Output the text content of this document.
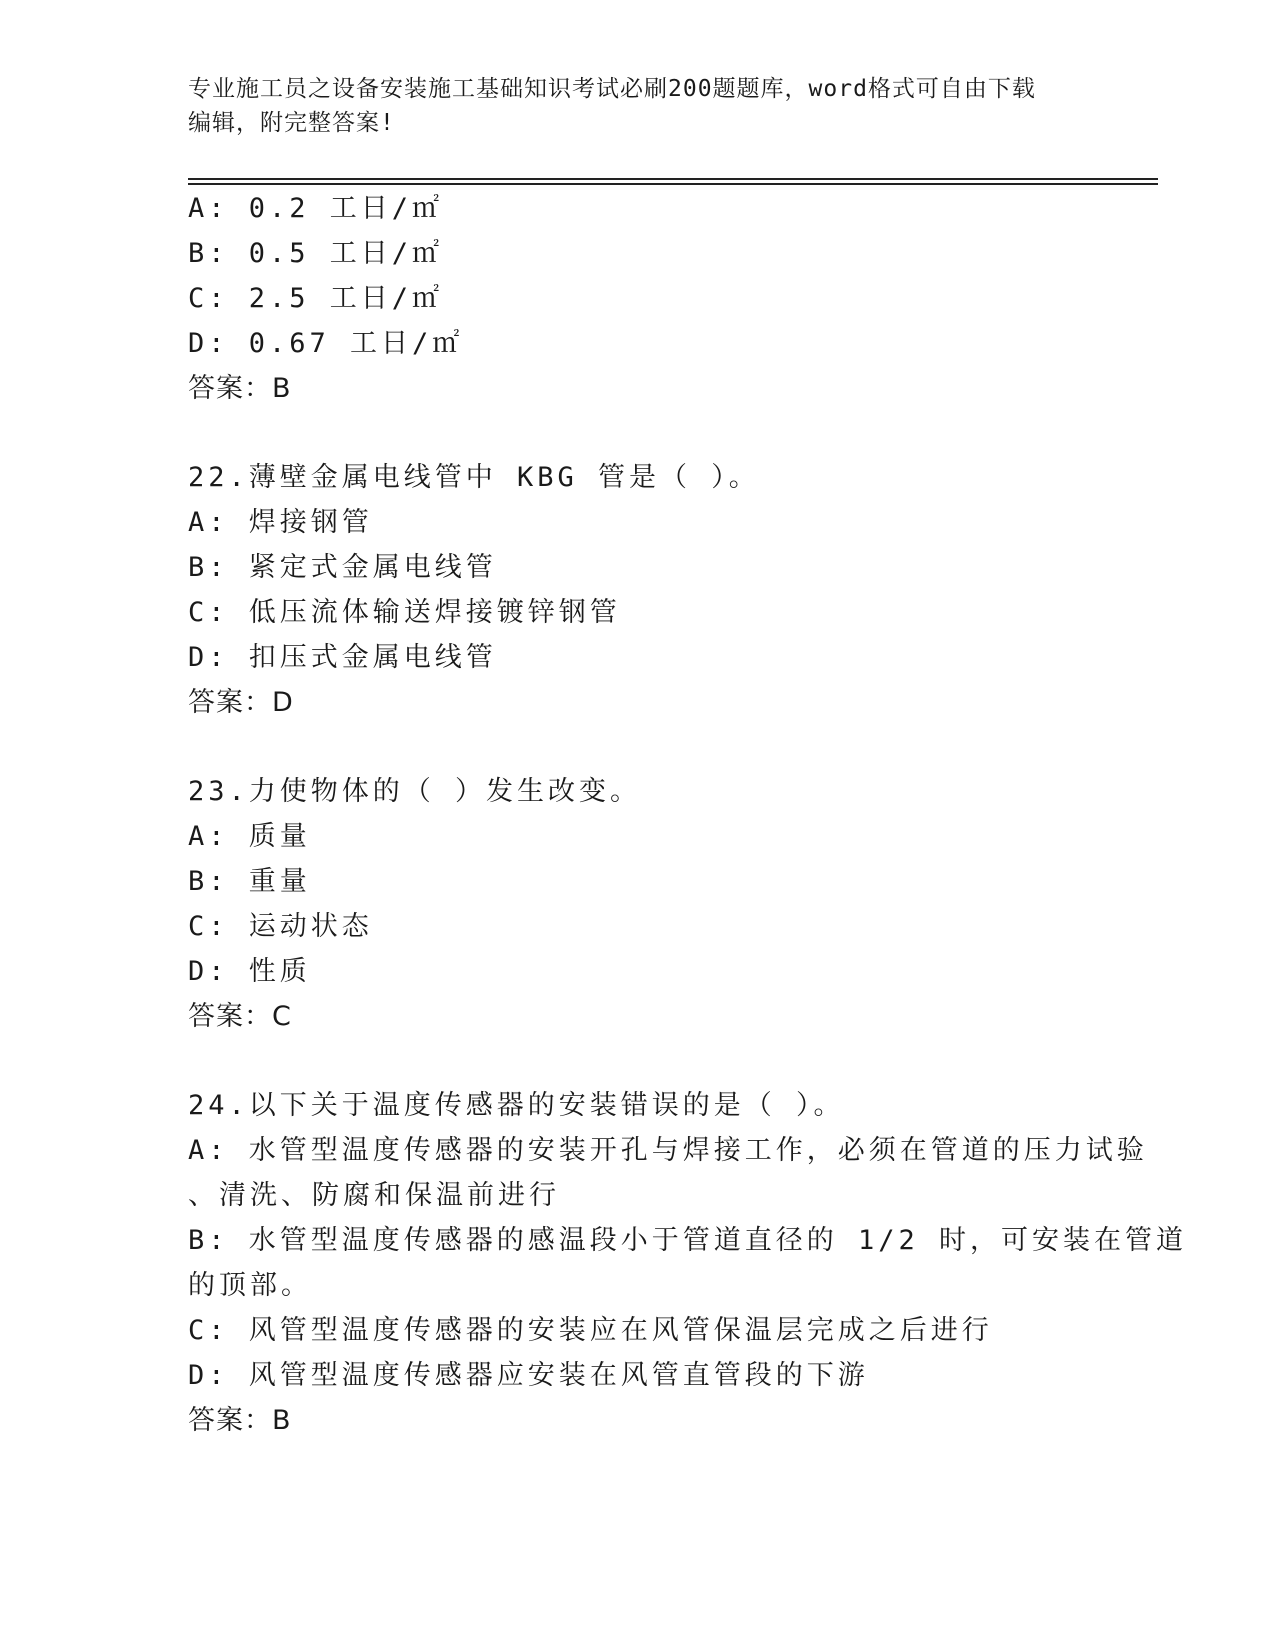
专业施工员之设备安装施工基础知识考试必刷200题题库，word格式可自由下载
编辑，附完整答案!
A: 0.2 工日/㎡
B: 0.5 工日/㎡
C: 2.5 工日/㎡
D: 0.67 工日/㎡
答案：B
22.薄壁金属电线管中 KBG 管是（ ）。
A: 焊接钢管
B: 紧定式金属电线管
C: 低压流体输送焊接镀锌钢管
D: 扣压式金属电线管
答案：D
23.力使物体的（ ）发生改变。
A: 质量
B: 重量
C: 运动状态
D: 性质
答案：C
24.以下关于温度传感器的安装错误的是（ ）。
A: 水管型温度传感器的安装开孔与焊接工作，必须在管道的压力试验
、清洗、防腐和保温前进行
B: 水管型温度传感器的感温段小于管道直径的 1/2 时，可安装在管道
的顶部。
C: 风管型温度传感器的安装应在风管保温层完成之后进行
D: 风管型温度传感器应安装在风管直管段的下游
答案：B
